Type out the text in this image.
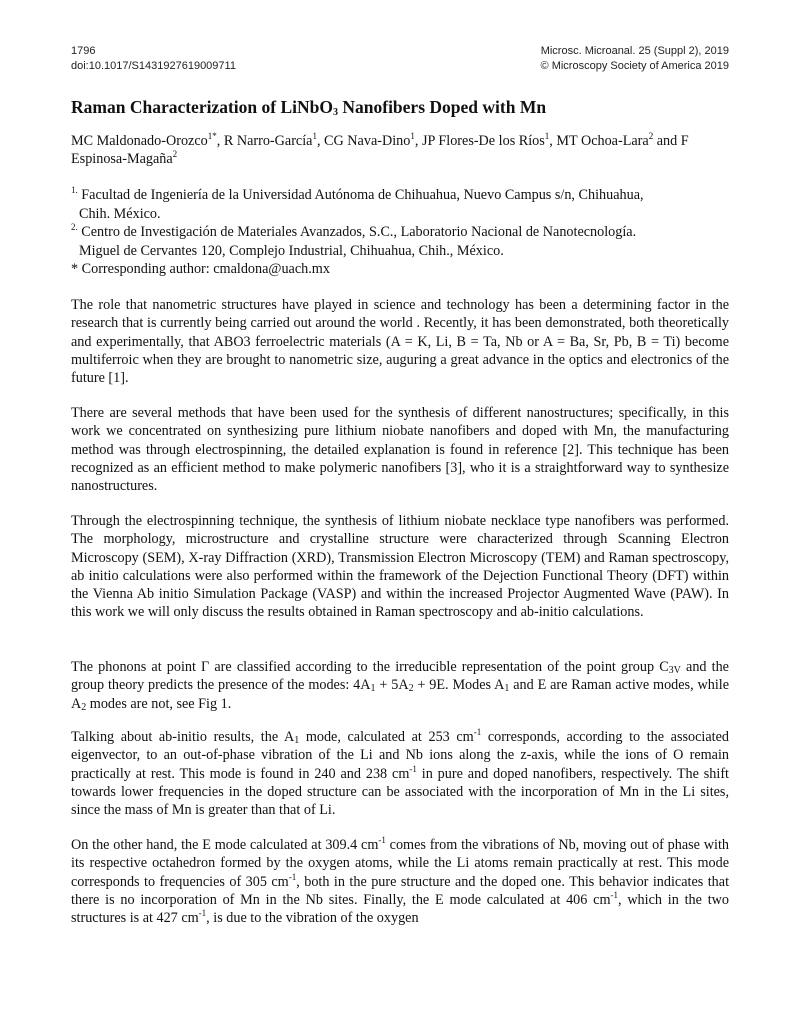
1796
doi:10.1017/S1431927619009711
Microsc. Microanal. 25 (Suppl 2), 2019
© Microscopy Society of America 2019
Raman Characterization of LiNbO$_3$ Nanofibers Doped with Mn
MC Maldonado-Orozco$^{1*}$, R Narro-García$^1$, CG Nava-Dino$^1$, JP Flores-De los Ríos$^1$, MT Ochoa-Lara$^2$ and F Espinosa-Magaña$^2$
$^{1.}$ Facultad de Ingeniería de la Universidad Autónoma de Chihuahua, Nuevo Campus s/n, Chihuahua,
Chih. México.
$^{2.}$ Centro de Investigación de Materiales Avanzados, S.C., Laboratorio Nacional de Nanotecnología.
Miguel de Cervantes 120, Complejo Industrial, Chihuahua, Chih., México.
* Corresponding author: cmaldona@uach.mx
The role that nanometric structures have played in science and technology has been a determining factor in the research that is currently being carried out around the world . Recently, it has been demonstrated, both theoretically and experimentally, that ABO3 ferroelectric materials (A = K, Li, B = Ta, Nb or A = Ba, Sr, Pb, B = Ti) become multiferroic when they are brought to nanometric size, auguring a great advance in the optics and electronics of the future [1].
There are several methods that have been used for the synthesis of different nanostructures; specifically, in this work we concentrated on synthesizing pure lithium niobate nanofibers and doped with Mn, the manufacturing method was through electrospinning, the detailed explanation is found in reference [2]. This technique has been recognized as an efficient method to make polymeric nanofibers [3], who it is a straightforward way to synthesize nanostructures.
Through the electrospinning technique, the synthesis of lithium niobate necklace type nanofibers was performed. The morphology, microstructure and crystalline structure were characterized through Scanning Electron Microscopy (SEM), X-ray Diffraction (XRD), Transmission Electron Microscopy (TEM) and Raman spectroscopy, ab initio calculations were also performed within the framework of the Dejection Functional Theory (DFT) within the Vienna Ab initio Simulation Package (VASP) and within the increased Projector Augmented Wave (PAW). In this work we will only discuss the results obtained in Raman spectroscopy and ab-initio calculations.
The phonons at point Γ are classified according to the irreducible representation of the point group $C_{3V}$ and the group theory predicts the presence of the modes: $4A_1 + 5A_2 + 9E$. Modes $A_1$ and E are Raman active modes, while $A_2$ modes are not, see Fig 1.
Talking about ab-initio results, the $A_1$ mode, calculated at 253 $cm^{-1}$ corresponds, according to the associated eigenvector, to an out-of-phase vibration of the Li and Nb ions along the z-axis, while the ions of O remain practically at rest. This mode is found in 240 and 238 $cm^{-1}$ in pure and doped nanofibers, respectively. The shift towards lower frequencies in the doped structure can be associated with the incorporation of Mn in the Li sites, since the mass of Mn is greater than that of Li.
On the other hand, the E mode calculated at 309.4 $cm^{-1}$ comes from the vibrations of Nb, moving out of phase with its respective octahedron formed by the oxygen atoms, while the Li atoms remain practically at rest. This mode corresponds to frequencies of 305 $cm^{-1}$, both in the pure structure and the doped one. This behavior indicates that there is no incorporation of Mn in the Nb sites. Finally, the E mode calculated at 406 $cm^{-1}$, which in the two structures is at 427 $cm^{-1}$, is due to the vibration of the oxygen
